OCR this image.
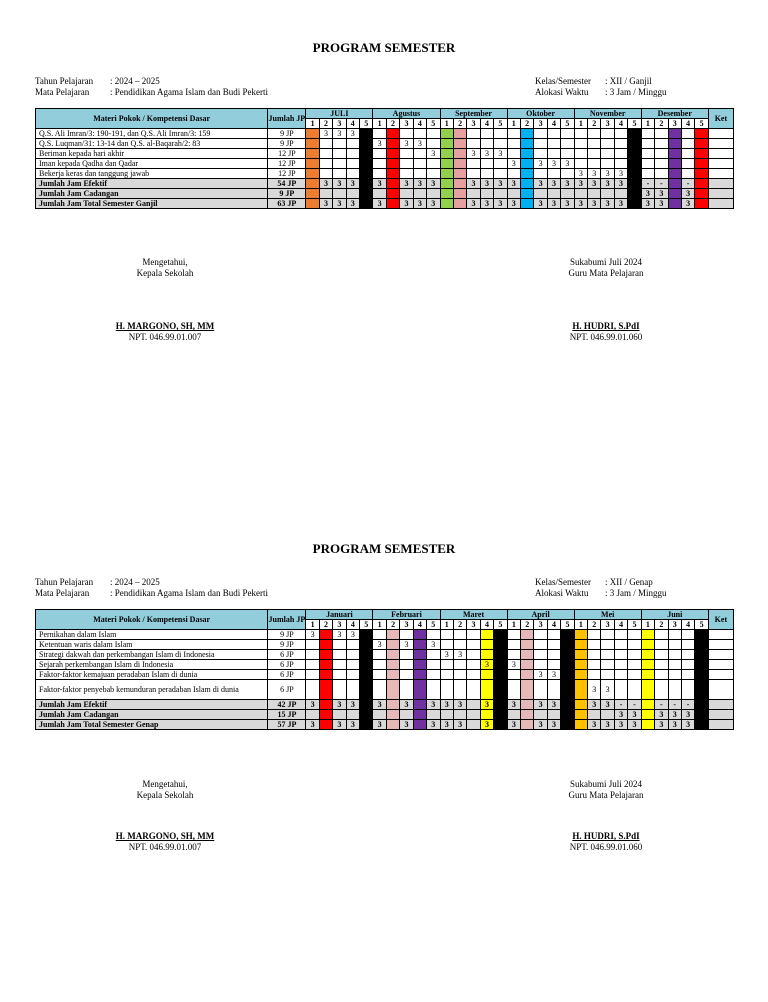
PROGRAM SEMESTER
Tahun Pelajaran : 2024 – 2025
Mata Pelajaran : Pendidikan Agama Islam dan Budi Pekerti
Kelas/Semester : XII / Ganjil
Alokasi Waktu : 3 Jam / Minggu
Materi Pokok / Kompetensi Dasar	Jumlah JP	JULI					Agustus					September					Oktober					November					Desember					Ket
		1	2	3	4	5	1	2	3	4	5	1	2	3	4	5	1	2	3	4	5	1	2	3	4	5	1	2	3	4	5	
Q.S. Ali Imran/3: 190-191, dan Q.S. Ali Imran/3: 159	9 JP		3	3	3																											
Q.S. Luqman/31: 13-14 dan Q.S. al-Baqarah/2: 83	9 JP						3		3	3																						
Beriman kepada hari akhir	12 JP										3			3	3	3																
Iman kepada Qadha dan Qadar	12 JP																3		3	3	3											
Bekerja keras dan tanggung jawab	12 JP																					3	3	3	3							
Jumlah Jam Efektif	54 JP		3	3	3		3		3	3	3			3	3	3	3		3	3	3	3	3	3	3		-	-		-		
Jumlah Jam Cadangan	9 JP																										3	3		3		
Jumlah Jam Total Semester Ganjil	63 JP		3	3	3		3		3	3	3			3	3	3	3		3	3	3	3	3	3	3		3	3		3		
Mengetahui,
Kepala Sekolah
H. MARGONO, SH, MM
NPT. 046.99.01.007
Sukabumi Juli 2024
Guru Mata Pelajaran
H. HUDRI, S.PdI
NPT. 046.99.01.060
PROGRAM SEMESTER
Tahun Pelajaran : 2024 – 2025
Mata Pelajaran : Pendidikan Agama Islam dan Budi Pekerti
Kelas/Semester : XII / Genap
Alokasi Waktu : 3 Jam / Minggu
Materi Pokok / Kompetensi Dasar	Jumlah JP	Januari					Februari					Maret					April					Mei					Juni					Ket
		1	2	3	4	5	1	2	3	4	5	1	2	3	4	5	1	2	3	4	5	1	2	3	4	5	1	2	3	4	5	
Pernikahan dalam Islam	9 JP	3		3	3																											
Ketentuan waris dalam Islam	9 JP						3		3		3																					
Strategi dakwah dan perkembangan Islam di Indonesia	6 JP											3	3																			
Sejarah perkembangan Islam di Indonesia	6 JP														3		3															
Faktor-faktor kemajuan peradaban Islam di dunia	6 JP																		3	3												
Faktor-faktor penyebab kemunduran peradaban Islam di dunia	6 JP																						3	3								
Jumlah Jam Efektif	42 JP	3		3	3		3		3		3	3	3		3		3		3	3			3	3	-	-		-	-	-		
Jumlah Jam Cadangan	15 JP																								3	3		3	3	3		
Jumlah Jam Total Semester Genap	57 JP	3		3	3		3		3		3	3	3		3		3		3	3			3	3	3	3		3	3	3		
Mengetahui,
Kepala Sekolah
H. MARGONO, SH, MM
NPT. 046.99.01.007
Sukabumi Juli 2024
Guru Mata Pelajaran
H. HUDRI, S.PdI
NPT. 046.99.01.060
